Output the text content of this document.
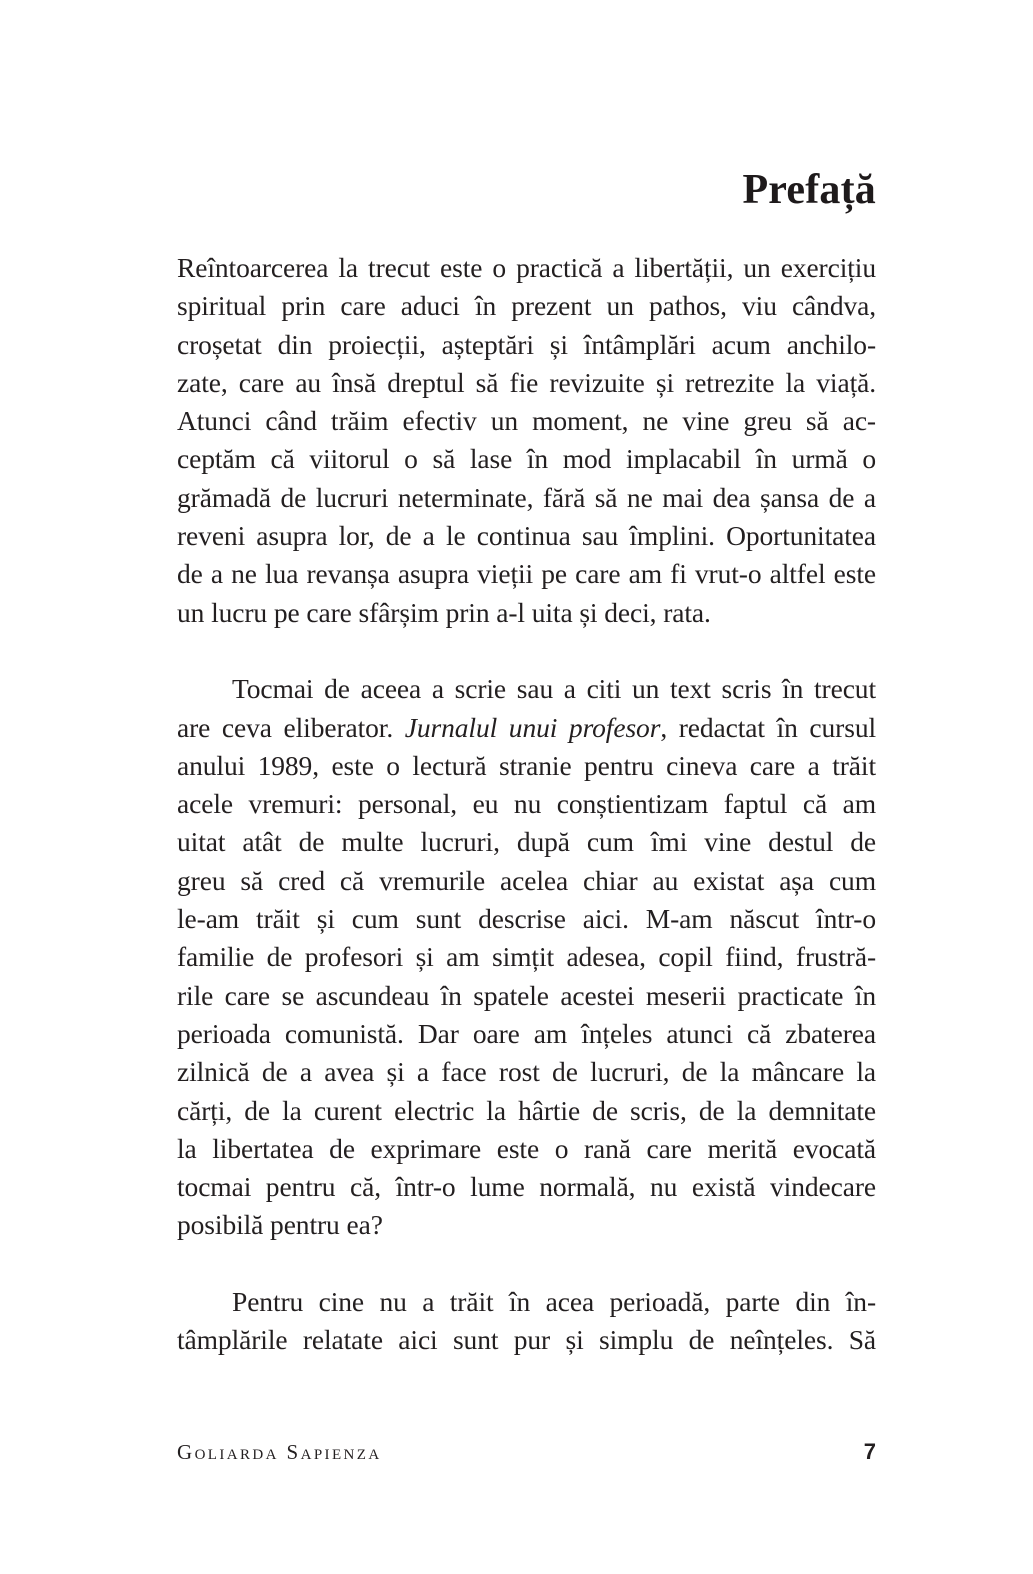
Prefață
Reîntoarcerea la trecut este o practică a libertății, un exercițiu
spiritual prin care aduci în prezent un pathos, viu cândva,
croșetat din proiecții, așteptări și întâmplări acum anchilo-
zate, care au însă dreptul să fie revizuite și retrezite la viață.
Atunci când trăim efectiv un moment, ne vine greu să ac-
ceptăm că viitorul o să lase în mod implacabil în urmă o
grămadă de lucruri neterminate, fără să ne mai dea șansa de a
reveni asupra lor, de a le continua sau împlini. Oportunitatea
de a ne lua revanșa asupra vieții pe care am fi vrut-o altfel este
un lucru pe care sfârșim prin a-l uita și deci, rata.
Tocmai de aceea a scrie sau a citi un text scris în trecut
are ceva eliberator. Jurnalul unui profesor, redactat în cursul
anului 1989, este o lectură stranie pentru cineva care a trăit
acele vremuri: personal, eu nu conștientizam faptul că am
uitat atât de multe lucruri, după cum îmi vine destul de
greu să cred că vremurile acelea chiar au existat așa cum
le-am trăit și cum sunt descrise aici. M-am născut într-o
familie de profesori și am simțit adesea, copil fiind, frustră-
rile care se ascundeau în spatele acestei meserii practicate în
perioada comunistă. Dar oare am înțeles atunci că zbaterea
zilnică de a avea și a face rost de lucruri, de la mâncare la
cărți, de la curent electric la hârtie de scris, de la demnitate
la libertatea de exprimare este o rană care merită evocată
tocmai pentru că, într-o lume normală, nu există vindecare
posibilă pentru ea?
Pentru cine nu a trăit în acea perioadă, parte din în-
tâmplările relatate aici sunt pur și simplu de neînțeles. Să
Goliarda Sapienza	7
